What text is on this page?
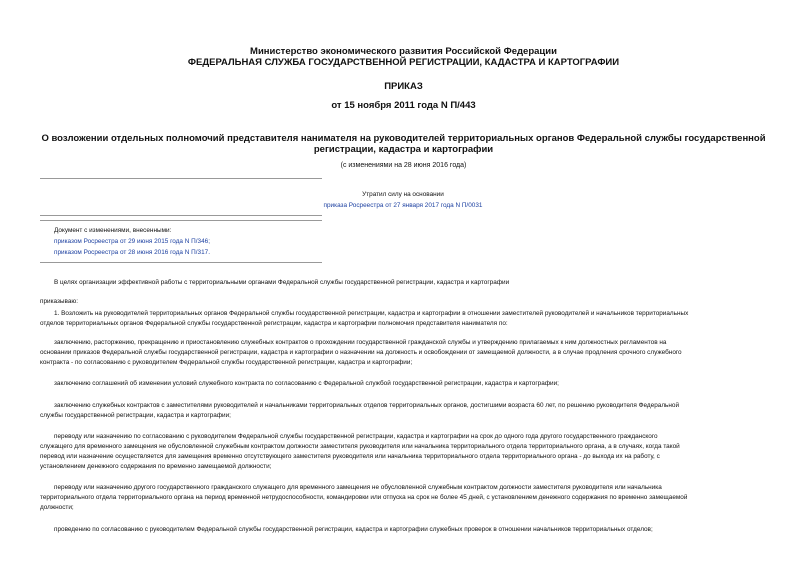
Министерство экономического развития Российской Федерации
ФЕДЕРАЛЬНАЯ СЛУЖБА ГОСУДАРСТВЕННОЙ РЕГИСТРАЦИИ, КАДАСТРА И КАРТОГРАФИИ
ПРИКАЗ
от 15 ноября 2011 года N П/443
О возложении отдельных полномочий представителя нанимателя на руководителей территориальных органов Федеральной службы государственной
регистрации, кадастра и картографии
(с изменениями на 28 июня 2016 года)
Утратил силу на основании
приказа Росреестра от 27 января 2017 года N П/0031
Документ с изменениями, внесенными:
приказом Росреестра от 29 июня 2015 года N П/346;
приказом Росреестра от 28 июня 2016 года N П/317.
В целях организации эффективной работы с территориальными органами Федеральной службы государственной регистрации, кадастра и картографии
приказываю:
1. Возложить на руководителей территориальных органов Федеральной службы государственной регистрации, кадастра и картографии в отношении заместителей руководителей и начальников территориальных
отделов территориальных органов Федеральной службы государственной регистрации, кадастра и картографии полномочия представителя нанимателя по:
заключению, расторжению, прекращению и приостановлению служебных контрактов о прохождении государственной гражданской службы и утверждению прилагаемых к ним должностных регламентов на
основании приказов Федеральной службы государственной регистрации, кадастра и картографии о назначении на должность и освобождении от замещаемой должности, а в случае продления срочного служебного
контракта - по согласованию с руководителем Федеральной службы государственной регистрации, кадастра и картографии;
заключению соглашений об изменении условий служебного контракта по согласованию с Федеральной службой государственной регистрации, кадастра и картографии;
заключению служебных контрактов с заместителями руководителей и начальниками территориальных отделов территориальных органов, достигшими возраста 60 лет, по решению руководителя Федеральной
службы государственной регистрации, кадастра и картографии;
переводу или назначению по согласованию с руководителем Федеральной службы государственной регистрации, кадастра и картографии на срок до одного года другого государственного гражданского
служащего для временного замещения не обусловленной служебным контрактом должности заместителя руководителя или начальника территориального отдела территориального органа, а в случаях, когда такой
перевод или назначение осуществляется для замещения временно отсутствующего заместителя руководителя или начальника территориального отдела территориального органа - до выхода их на работу, с
установлением денежного содержания по временно замещаемой должности;
переводу или назначению другого государственного гражданского служащего для временного замещения не обусловленной служебным контрактом должности заместителя руководителя или начальника
территориального отдела территориального органа на период временной нетрудоспособности, командировки или отпуска на срок не более 45 дней, с установлением денежного содержания по временно замещаемой
должности;
проведению по согласованию с руководителем Федеральной службы государственной регистрации, кадастра и картографии служебных проверок в отношении начальников территориальных отделов;
